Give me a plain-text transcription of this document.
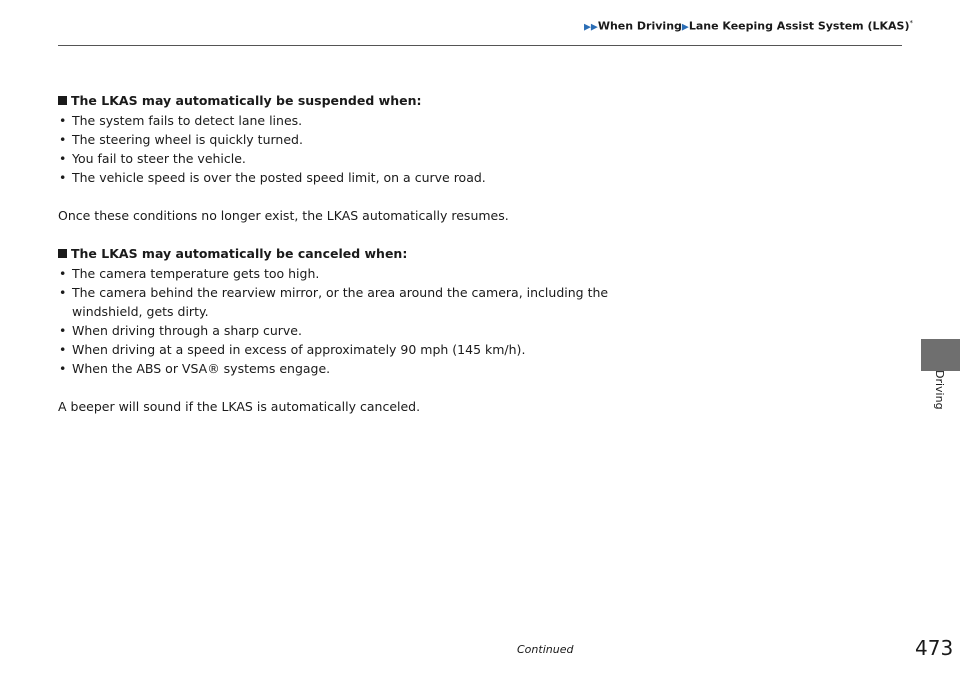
▶▶When Driving▶Lane Keeping Assist System (LKAS)*
Driving
The LKAS may automatically be suspended when:
• The system fails to detect lane lines.
• The steering wheel is quickly turned.
• You fail to steer the vehicle.
• The vehicle speed is over the posted speed limit, on a curve road.

Once these conditions no longer exist, the LKAS automatically resumes.

The LKAS may automatically be canceled when:
• The camera temperature gets too high.
• The camera behind the rearview mirror, or the area around the camera, including the windshield, gets dirty.
• When driving through a sharp curve.
• When driving at a speed in excess of approximately 90 mph (145 km/h).
• When the ABS or VSA® systems engage.

A beeper will sound if the LKAS is automatically canceled.

Continued	473
